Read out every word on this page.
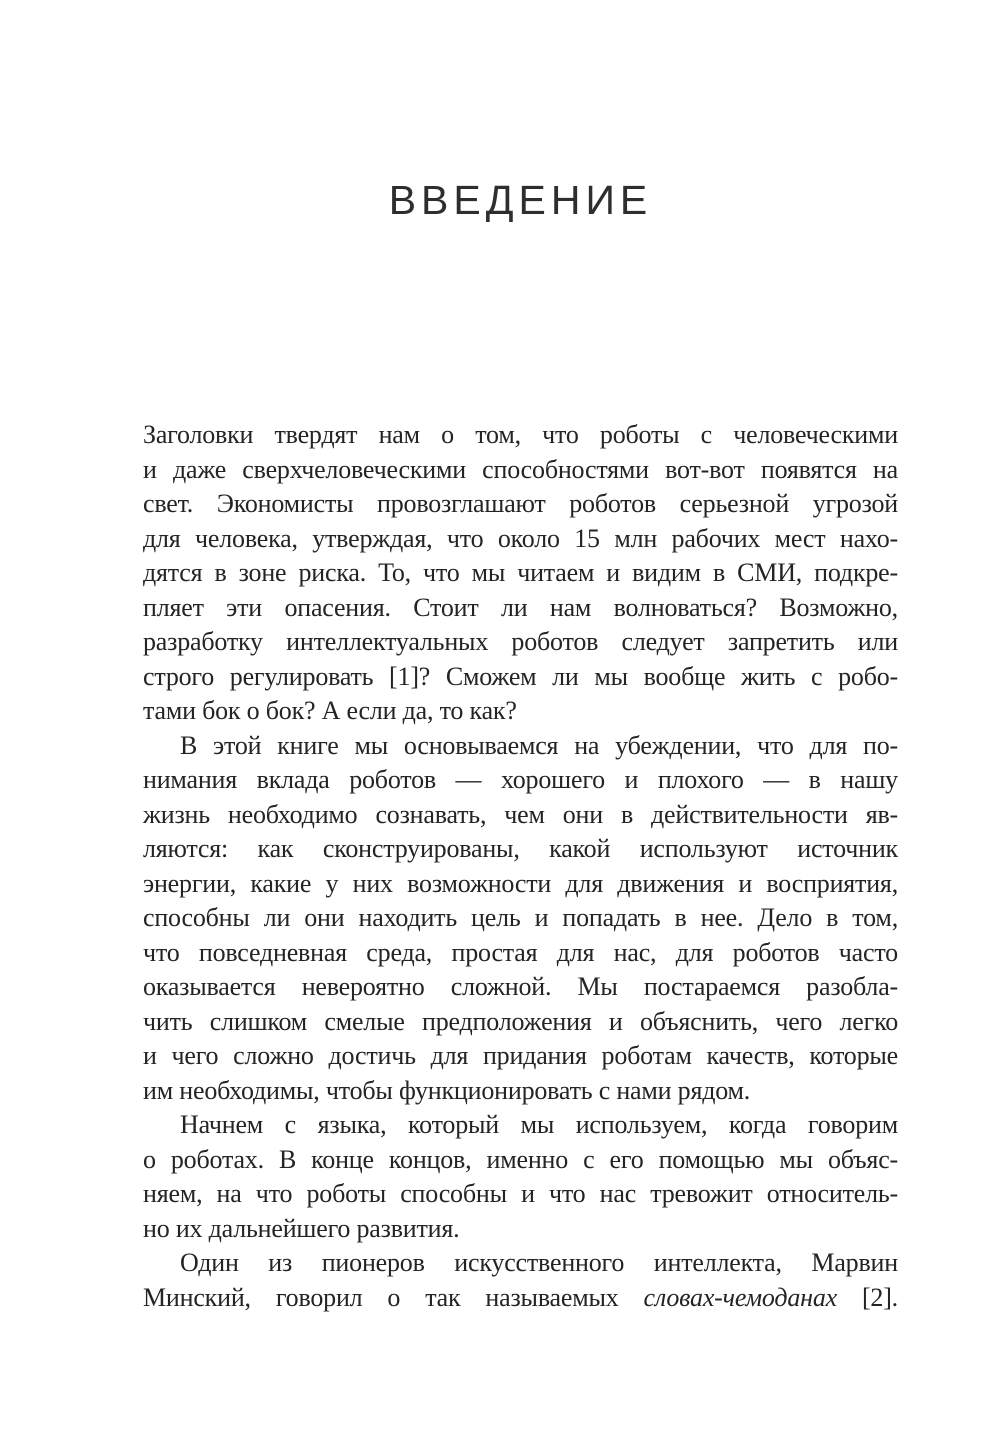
ВВЕДЕНИЕ
Заголовки твердят нам о том, что роботы с человеческими
и даже сверхчеловеческими способностями вот-вот появятся на
свет. Экономисты провозглашают роботов серьезной угрозой
для человека, утверждая, что около 15 млн рабочих мест нахо-
дятся в зоне риска. То, что мы читаем и видим в СМИ, подкре-
пляет эти опасения. Стоит ли нам волноваться? Возможно,
разработку интеллектуальных роботов следует запретить или
строго регулировать [1]? Сможем ли мы вообще жить с робо-
тами бок о бок? А если да, то как?
В этой книге мы основываемся на убеждении, что для по-
нимания вклада роботов — хорошего и плохого — в нашу
жизнь необходимо сознавать, чем они в действительности яв-
ляются: как сконструированы, какой используют источник
энергии, какие у них возможности для движения и восприятия,
способны ли они находить цель и попадать в нее. Дело в том,
что повседневная среда, простая для нас, для роботов часто
оказывается невероятно сложной. Мы постараемся разобла-
чить слишком смелые предположения и объяснить, чего легко
и чего сложно достичь для придания роботам качеств, которые
им необходимы, чтобы функционировать с нами рядом.
Начнем с языка, который мы используем, когда говорим
о роботах. В конце концов, именно с его помощью мы объяс-
няем, на что роботы способны и что нас тревожит относитель-
но их дальнейшего развития.
Один из пионеров искусственного интеллекта, Марвин
Минский, говорил о так называемых словах-чемоданах [2].
